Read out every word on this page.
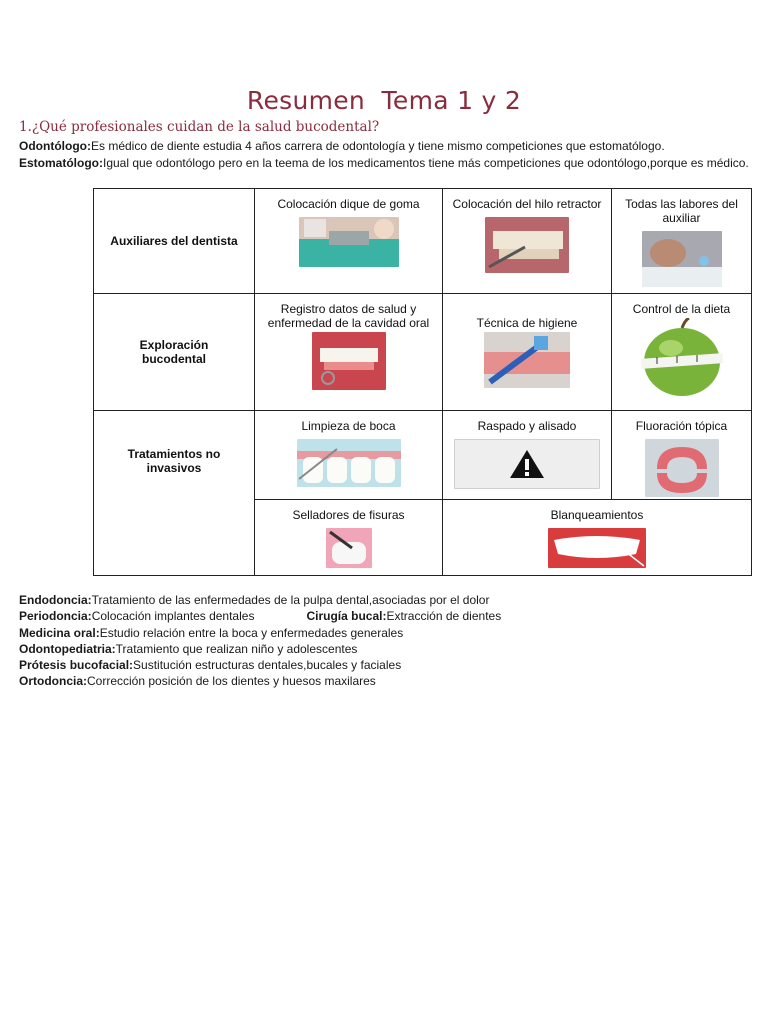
Resumen  Tema 1 y 2
1.¿Qué profesionales cuidan de la salud bucodental?
Odontólogo:Es médico de diente estudia 4 años carrera de odontología y tiene mismo competiciones que estomatólogo.
Estomatólogo:Igual que odontólogo pero en la teema de los medicamentos tiene más competiciones que odontólogo,porque es médico.
Auxiliares del dentista	Colocación dique de goma	Colocación del hilo retractor	Todas las labores del auxiliar

Exploración bucodental	Registro datos de salud y enfermedad de la cavidad oral	Técnica de higiene	Control de la dieta

Tratamientos no invasivos	Limpieza de boca	Raspado y alisado	Fluoración tópica

	Selladores de fisuras	Blanqueamientos	
Endodoncia:Tratamiento de las enfermedades de la pulpa dental,asociadas por el dolor
Periodoncia:Colocación implantes dentales	Cirugía bucal:Extracción de dientes
Medicina oral:Estudio relación entre la boca y enfermedades generales
Odontopediatria:Tratamiento que realizan niño y adolescentes
Prótesis bucofacial:Sustitución estructuras dentales,bucales y faciales
Ortodoncia:Corrección posición de los dientes y huesos maxilares
